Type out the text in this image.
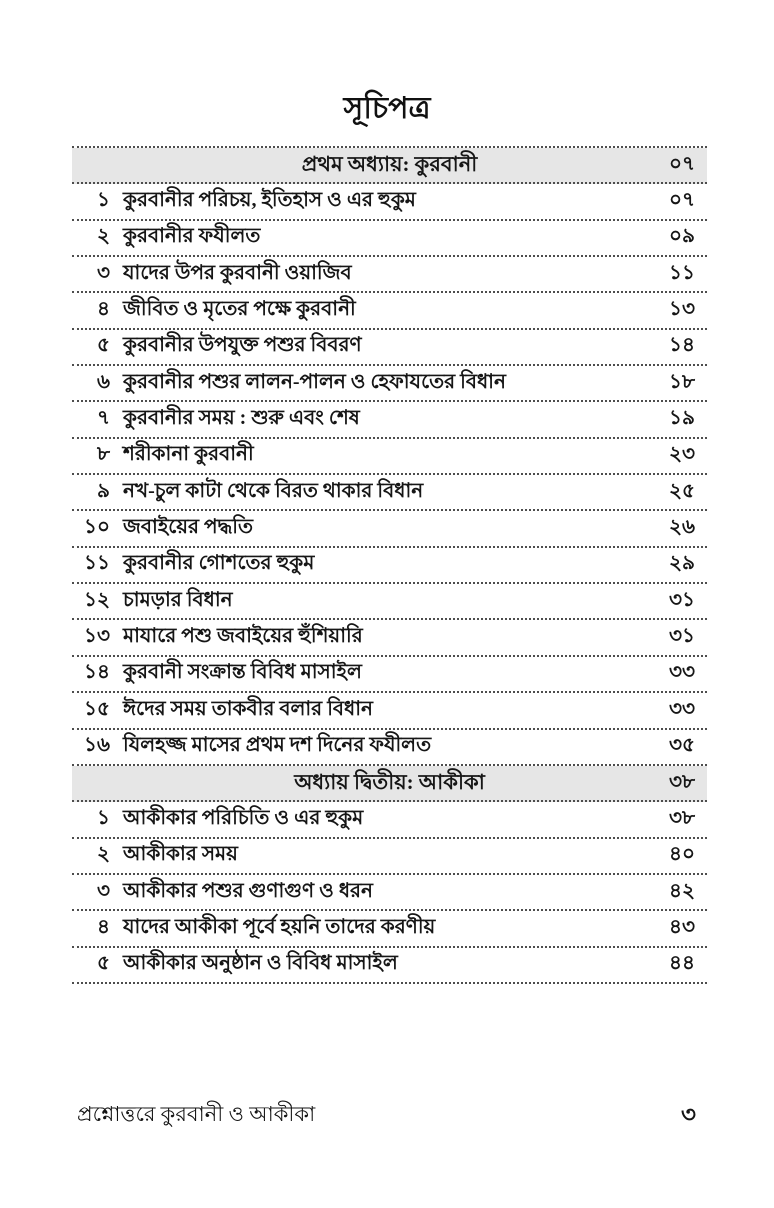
সূচিপত্র
প্রথম অধ্যায়: কুরবানী	০৭
১ কুরবানীর পরিচয়, ইতিহাস ও এর হুকুম	০৭
২ কুরবানীর ফযীলত	০৯
৩ যাদের উপর কুরবানী ওয়াজিব	১১
৪ জীবিত ও মৃতের পক্ষে কুরবানী	১৩
৫ কুরবানীর উপযুক্ত পশুর বিবরণ	১৪
৬ কুরবানীর পশুর লালন-পালন ও হেফাযতের বিধান	১৮
৭ কুরবানীর সময় : শুরু এবং শেষ	১৯
৮ শরীকানা কুরবানী	২৩
৯ নখ-চুল কাটা থেকে বিরত থাকার বিধান	২৫
১০ জবাইয়ের পদ্ধতি	২৬
১১ কুরবানীর গোশতের হুকুম	২৯
১২ চামড়ার বিধান	৩১
১৩ মাযারে পশু জবাইয়ের হুঁশিয়ারি	৩১
১৪ কুরবানী সংক্রান্ত বিবিধ মাসাইল	৩৩
১৫ ঈদের সময় তাকবীর বলার বিধান	৩৩
১৬ যিলহজ্জ মাসের প্রথম দশ দিনের ফযীলত	৩৫
অধ্যায় দ্বিতীয়: আকীকা	৩৮
১ আকীকার পরিচিতি ও এর হুকুম	৩৮
২ আকীকার সময়	৪০
৩ আকীকার পশুর গুণাগুণ ও ধরন	৪২
৪ যাদের আকীকা পূর্বে হয়নি তাদের করণীয়	৪৩
৫ আকীকার অনুষ্ঠান ও বিবিধ মাসাইল	৪৪
প্রশ্নোত্তরে কুরবানী ও আকীকা	৩
